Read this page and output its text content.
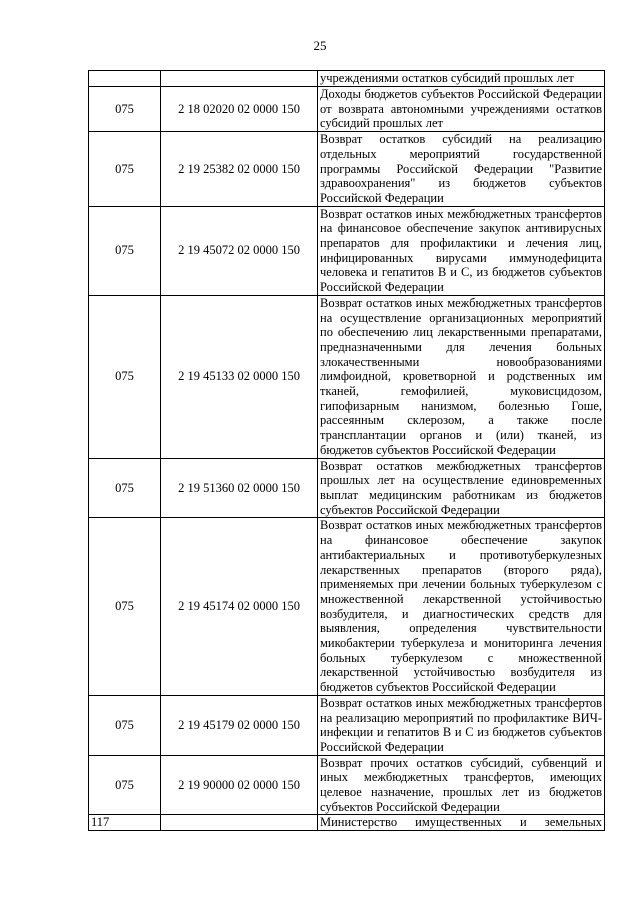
25
		учреждениями остатков субсидий прошлых лет
075	2 18 02020 02 0000 150	Доходы бюджетов субъектов Российской Федерации от возврата автономными учреждениями остатков субсидий прошлых лет
075	2 19 25382 02 0000 150	Возврат остатков субсидий на реализацию отдельных мероприятий государственной программы Российской Федерации "Развитие здравоохранения" из бюджетов субъектов Российской Федерации
075	2 19 45072 02 0000 150	Возврат остатков иных межбюджетных трансфертов на финансовое обеспечение закупок антивирусных препаратов для профилактики и лечения лиц, инфицированных вирусами иммунодефицита человека и гепатитов В и С, из бюджетов субъектов Российской Федерации
075	2 19 45133 02 0000 150	Возврат остатков иных межбюджетных трансфертов на осуществление организационных мероприятий по обеспечению лиц лекарственными препаратами, предназначенными для лечения больных злокачественными новообразованиями лимфоидной, кроветворной и родственных им тканей, гемофилией, муковисцидозом, гипофизарным нанизмом, болезнью Гоше, рассеянным склерозом, а также после трансплантации органов и (или) тканей, из бюджетов субъектов Российской Федерации
075	2 19 51360 02 0000 150	Возврат остатков межбюджетных трансфертов прошлых лет на осуществление единовременных выплат медицинским работникам из бюджетов субъектов Российской Федерации
075	2 19 45174 02 0000 150	Возврат остатков иных межбюджетных трансфертов на финансовое обеспечение закупок антибактериальных и противотуберкулезных лекарственных препаратов (второго ряда), применяемых при лечении больных туберкулезом с множественной лекарственной устойчивостью возбудителя, и диагностических средств для выявления, определения чувствительности микобактерии туберкулеза и мониторинга лечения больных туберкулезом с множественной лекарственной устойчивостью возбудителя из бюджетов субъектов Российской Федерации
075	2 19 45179 02 0000 150	Возврат остатков иных межбюджетных трансфертов на реализацию мероприятий по профилактике ВИЧ-инфекции и гепатитов В и С из бюджетов субъектов Российской Федерации
075	2 19 90000 02 0000 150	Возврат прочих остатков субсидий, субвенций и иных межбюджетных трансфертов, имеющих целевое назначение, прошлых лет из бюджетов субъектов Российской Федерации
117		Министерство имущественных и земельных
